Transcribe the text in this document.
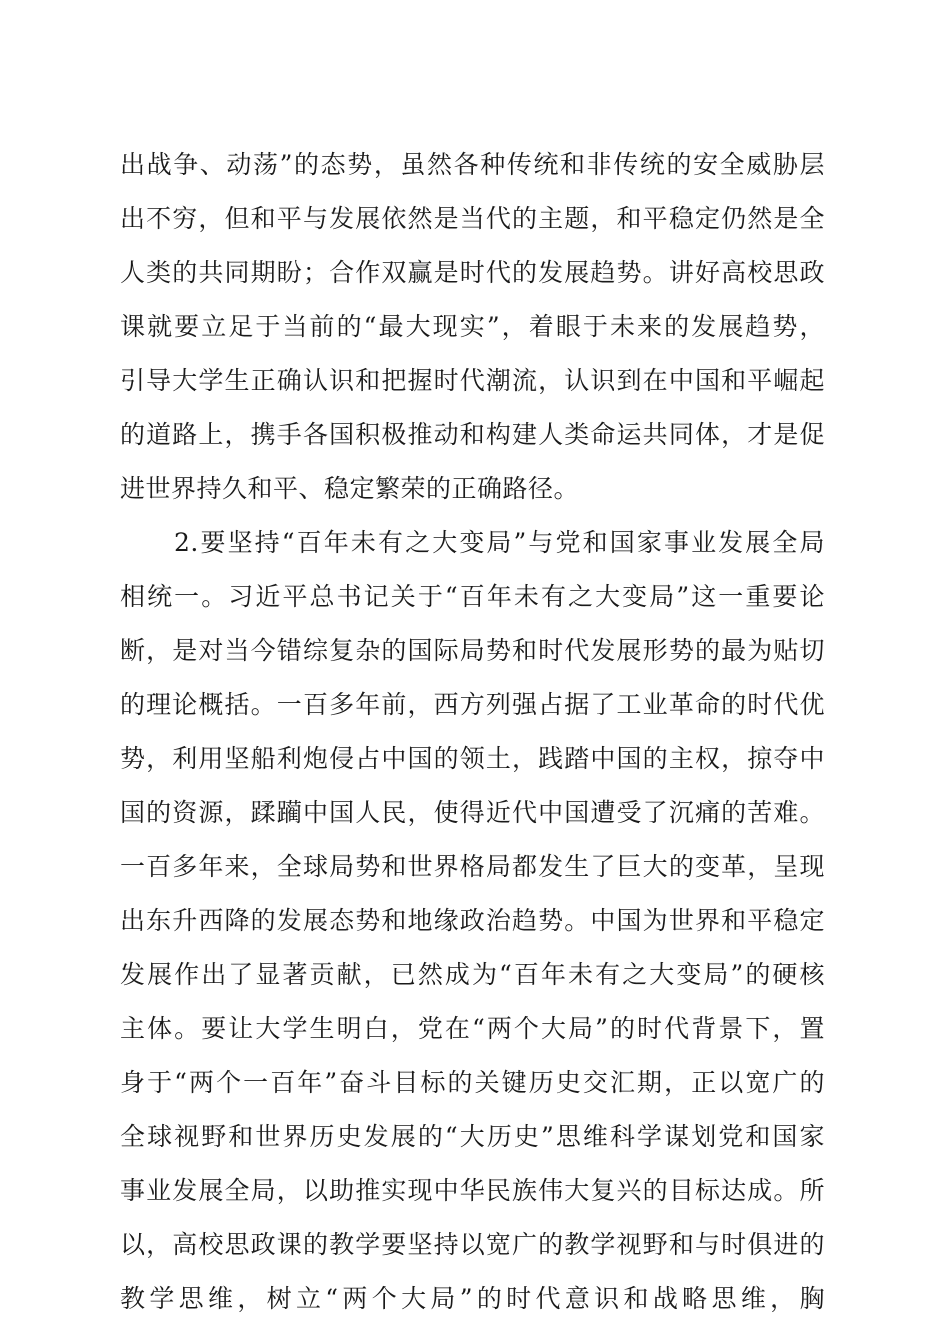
出战争、动荡”的态势，虽然各种传统和非传统的安全威胁层
出不穷，但和平与发展依然是当代的主题，和平稳定仍然是全
人类的共同期盼；合作双赢是时代的发展趋势。讲好高校思政
课就要立足于当前的“最大现实”，着眼于未来的发展趋势，
引导大学生正确认识和把握时代潮流，认识到在中国和平崛起
的道路上，携手各国积极推动和构建人类命运共同体，才是促
进世界持久和平、稳定繁荣的正确路径。
2.要坚持“百年未有之大变局”与党和国家事业发展全局
相统一。习近平总书记关于“百年未有之大变局”这一重要论
断，是对当今错综复杂的国际局势和时代发展形势的最为贴切
的理论概括。一百多年前，西方列强占据了工业革命的时代优
势，利用坚船利炮侵占中国的领土，践踏中国的主权，掠夺中
国的资源，蹂躏中国人民，使得近代中国遭受了沉痛的苦难。
一百多年来，全球局势和世界格局都发生了巨大的变革，呈现
出东升西降的发展态势和地缘政治趋势。中国为世界和平稳定
发展作出了显著贡献，已然成为“百年未有之大变局”的硬核
主体。要让大学生明白，党在“两个大局”的时代背景下，置
身于“两个一百年”奋斗目标的关键历史交汇期，正以宽广的
全球视野和世界历史发展的“大历史”思维科学谋划党和国家
事业发展全局，以助推实现中华民族伟大复兴的目标达成。所
以，高校思政课的教学要坚持以宽广的教学视野和与时俱进的
教学思维，树立“两个大局”的时代意识和战略思维，胸
